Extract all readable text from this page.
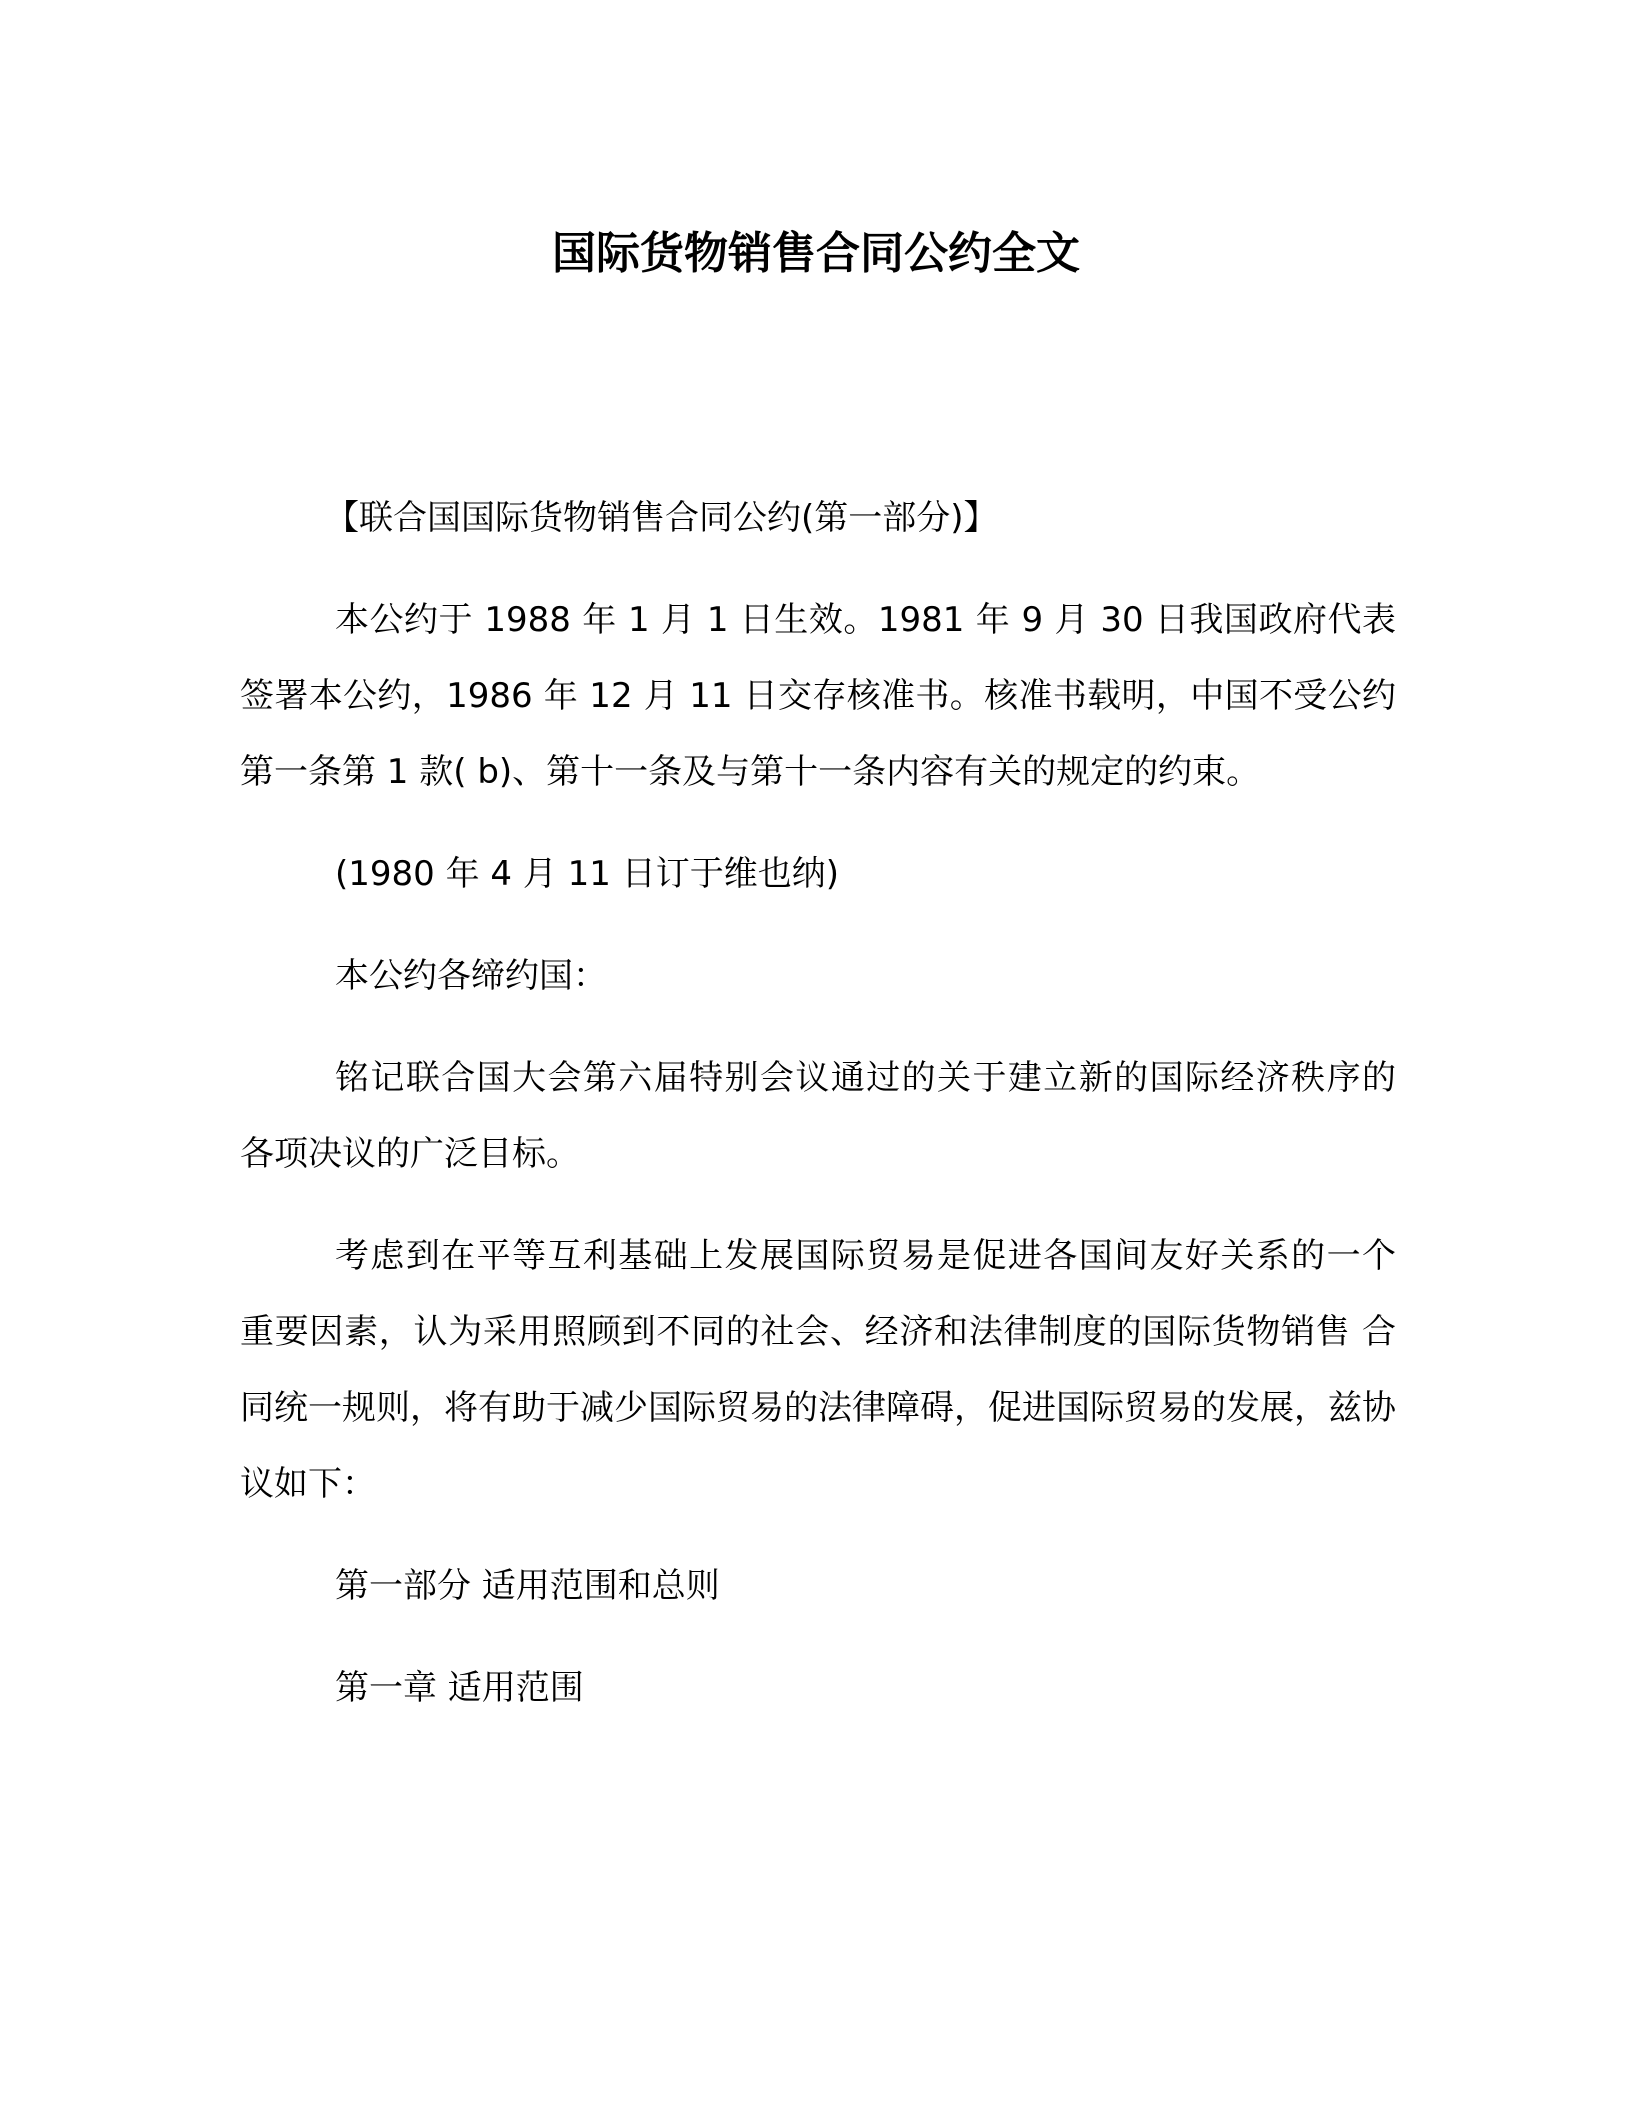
国际货物销售合同公约全文

【联合国国际货物销售合同公约(第一部分)】

本公约于 1988 年 1 月 1 日生效。1981 年 9 月 30 日我国政府代表签署本公约，1986 年 12 月 11 日交存核准书。核准书载明，中国不受公约第一条第 1 款( b)、第十一条及与第十一条内容有关的规定的约束。

(1980 年 4 月 11 日订于维也纳)

本公约各缔约国：

铭记联合国大会第六届特别会议通过的关于建立新的国际经济秩序的 各项决议的广泛目标。

考虑到在平等互利基础上发展国际贸易是促进各国间友好关系的一个 重要因素，认为采用照顾到不同的社会、经济和法律制度的国际货物销售 合同统一规则，将有助于减少国际贸易的法律障碍，促进国际贸易的发展，兹协议如下：

第一部分 适用范围和总则

第一章 适用范围
